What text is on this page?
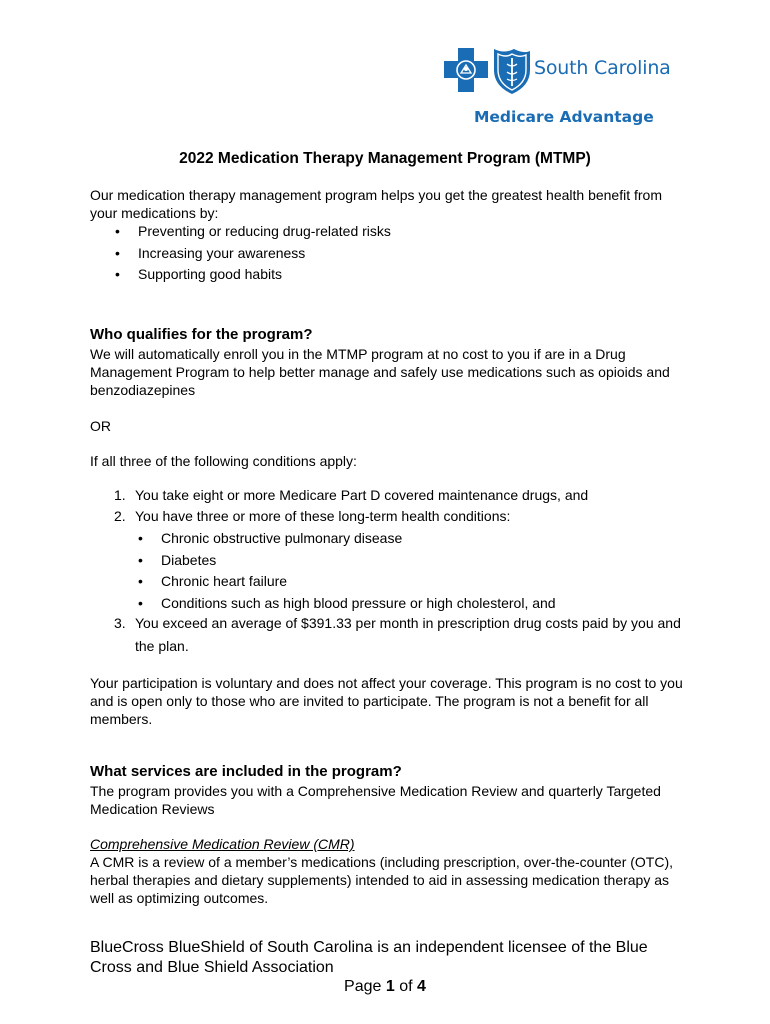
South Carolina
Medicare Advantage
2022 Medication Therapy Management Program (MTMP)
Our medication therapy management program helps you get the greatest health benefit from your medications by:
• Preventing or reducing drug-related risks
• Increasing your awareness
• Supporting good habits
Who qualifies for the program?
We will automatically enroll you in the MTMP program at no cost to you if are in a Drug Management Program to help better manage and safely use medications such as opioids and benzodiazepines
OR
If all three of the following conditions apply:
1. You take eight or more Medicare Part D covered maintenance drugs, and
2. You have three or more of these long-term health conditions:
• Chronic obstructive pulmonary disease
• Diabetes
• Chronic heart failure
• Conditions such as high blood pressure or high cholesterol, and
3. You exceed an average of $391.33 per month in prescription drug costs paid by you and the plan.
Your participation is voluntary and does not affect your coverage. This program is no cost to you and is open only to those who are invited to participate. The program is not a benefit for all members.
What services are included in the program?
The program provides you with a Comprehensive Medication Review and quarterly Targeted Medication Reviews
Comprehensive Medication Review (CMR)
A CMR is a review of a member’s medications (including prescription, over-the-counter (OTC), herbal therapies and dietary supplements) intended to aid in assessing medication therapy as well as optimizing outcomes.
BlueCross BlueShield of South Carolina is an independent licensee of the Blue Cross and Blue Shield Association
Page 1 of 4
